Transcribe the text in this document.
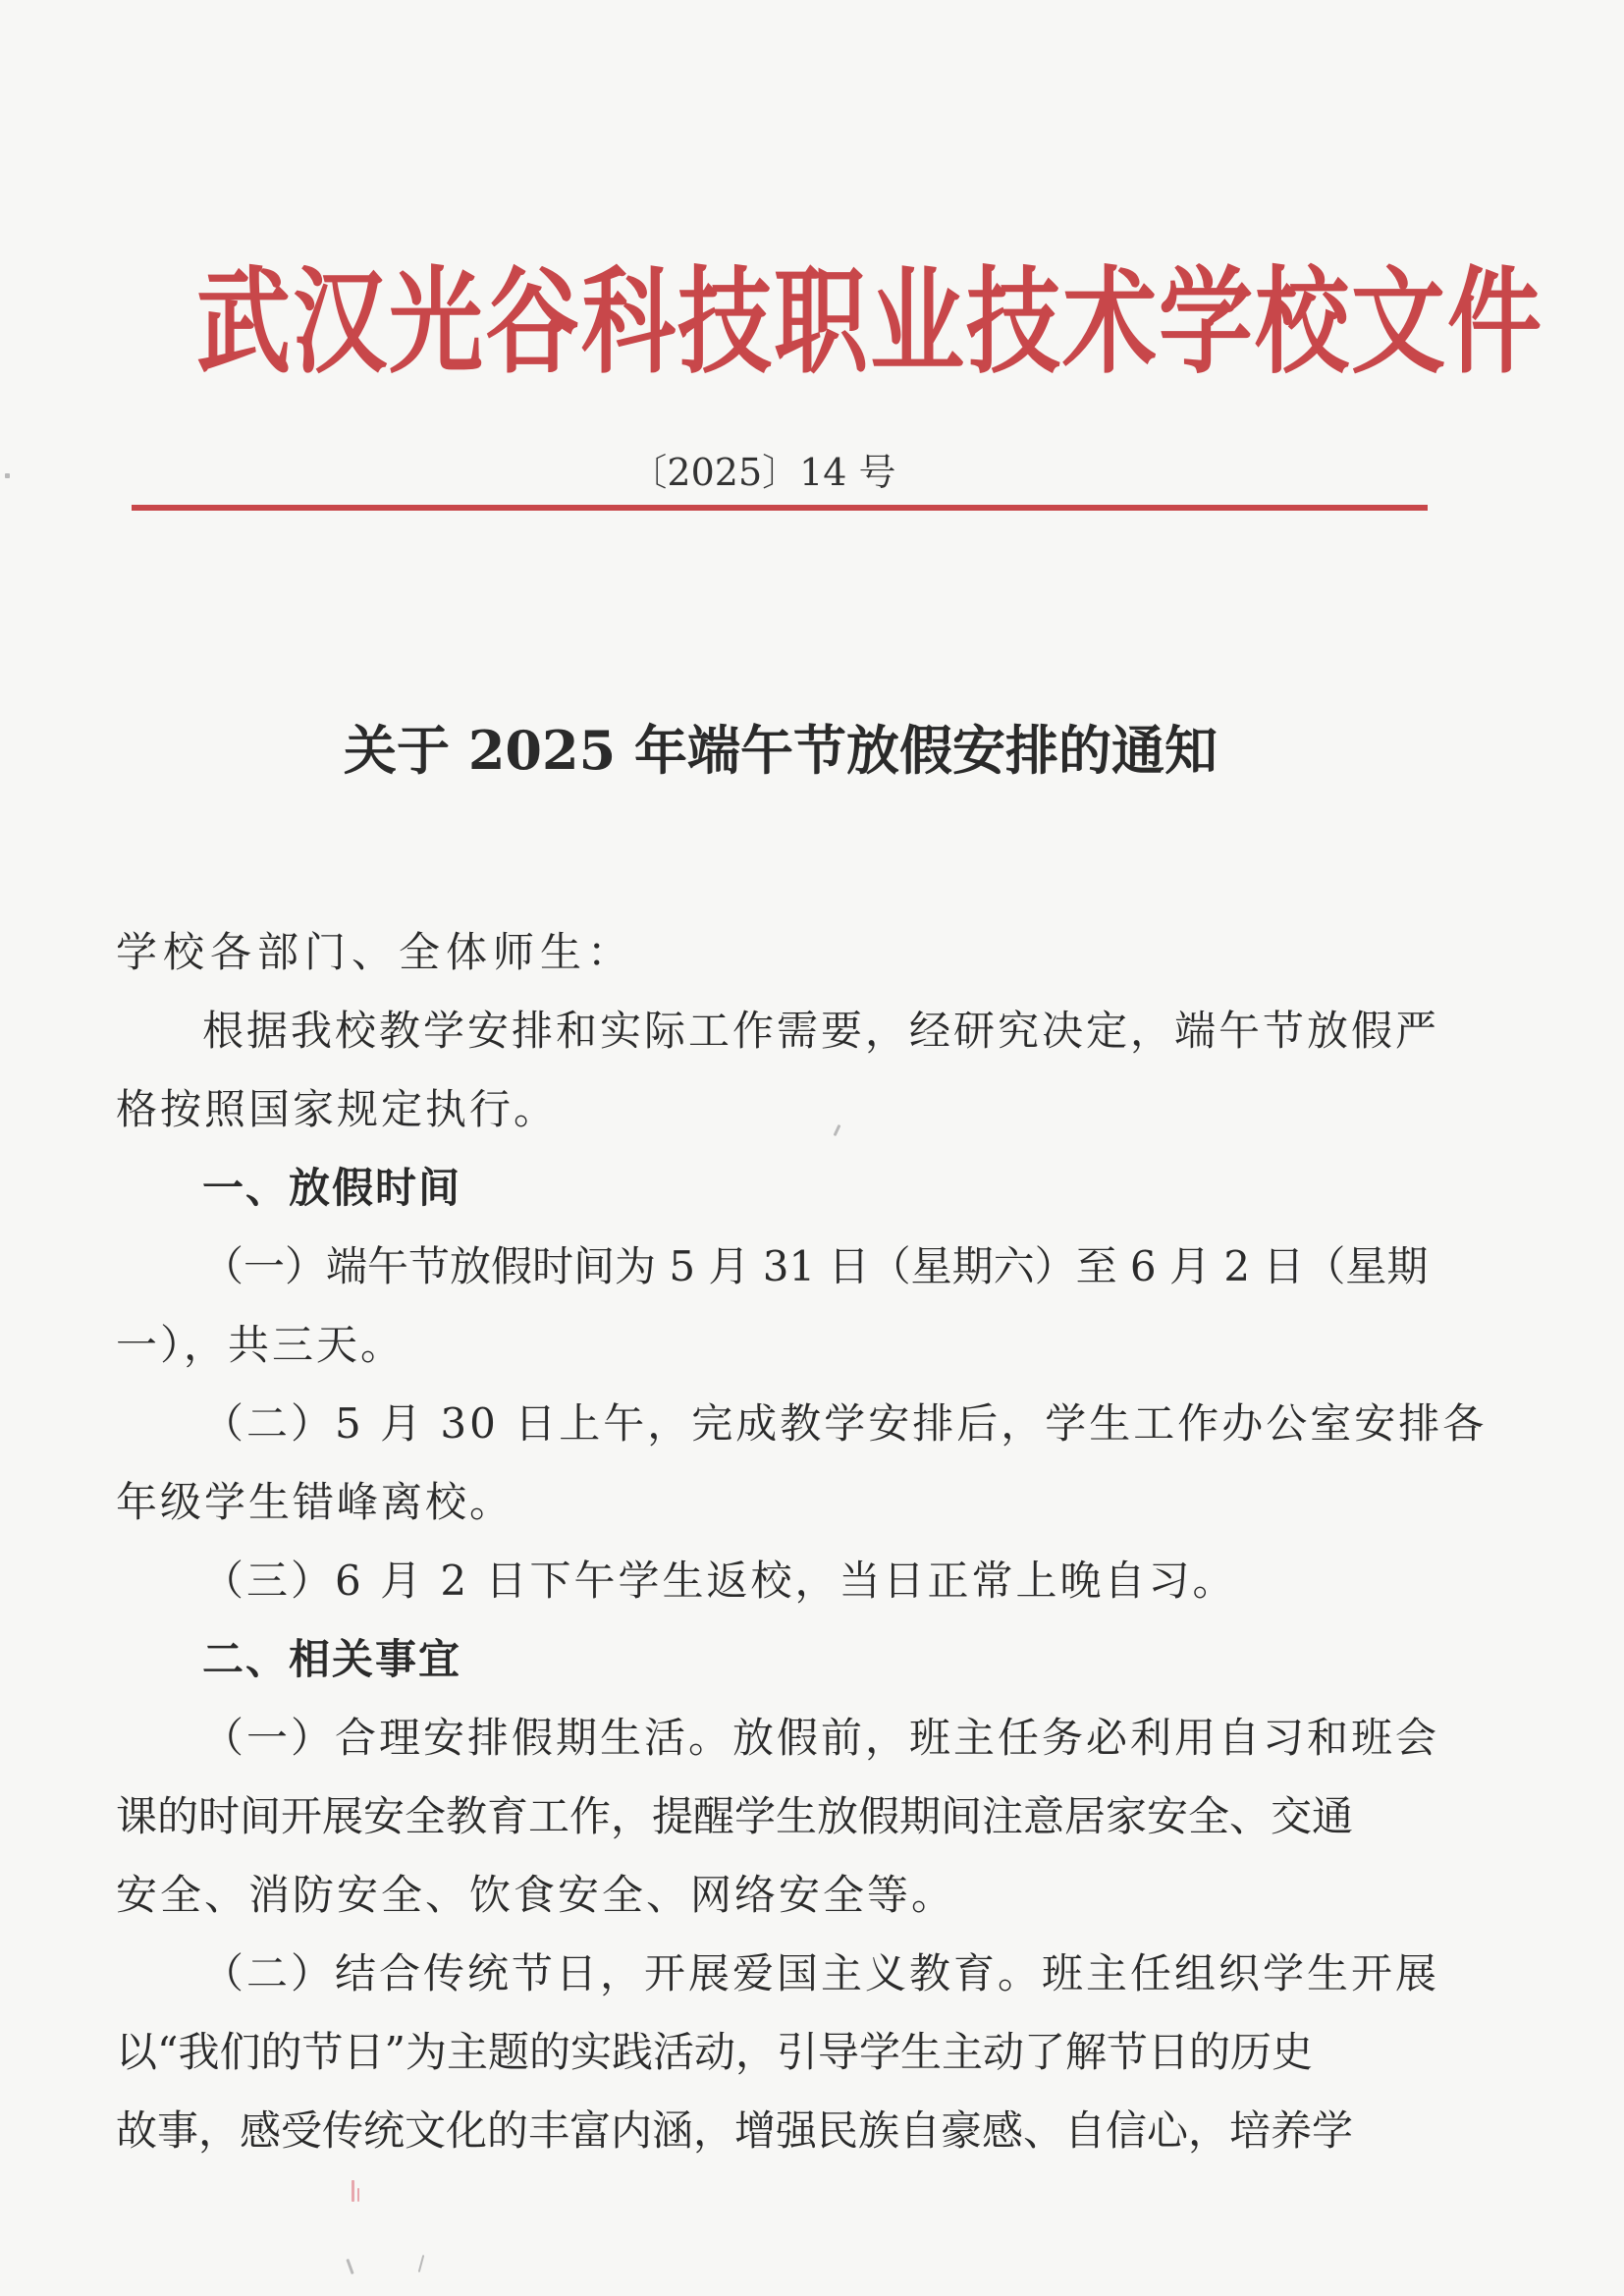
武汉光谷科技职业技术学校文件
〔2025〕14 号
关于 2025 年端午节放假安排的通知
学校各部门、全体师生：
根据我校教学安排和实际工作需要，经研究决定，端午节放假严
格按照国家规定执行。
一、放假时间
（一）端午节放假时间为 5 月 31 日（星期六）至 6 月 2 日（星期
一），共三天。
（二）5 月 30 日上午，完成教学安排后，学生工作办公室安排各
年级学生错峰离校。
（三）6 月 2 日下午学生返校，当日正常上晚自习。
二、相关事宜
（一）合理安排假期生活。放假前，班主任务必利用自习和班会
课的时间开展安全教育工作，提醒学生放假期间注意居家安全、交通
安全、消防安全、饮食安全、网络安全等。
（二）结合传统节日，开展爱国主义教育。班主任组织学生开展
以“我们的节日”为主题的实践活动，引导学生主动了解节日的历史
故事，感受传统文化的丰富内涵，增强民族自豪感、自信心，培养学
